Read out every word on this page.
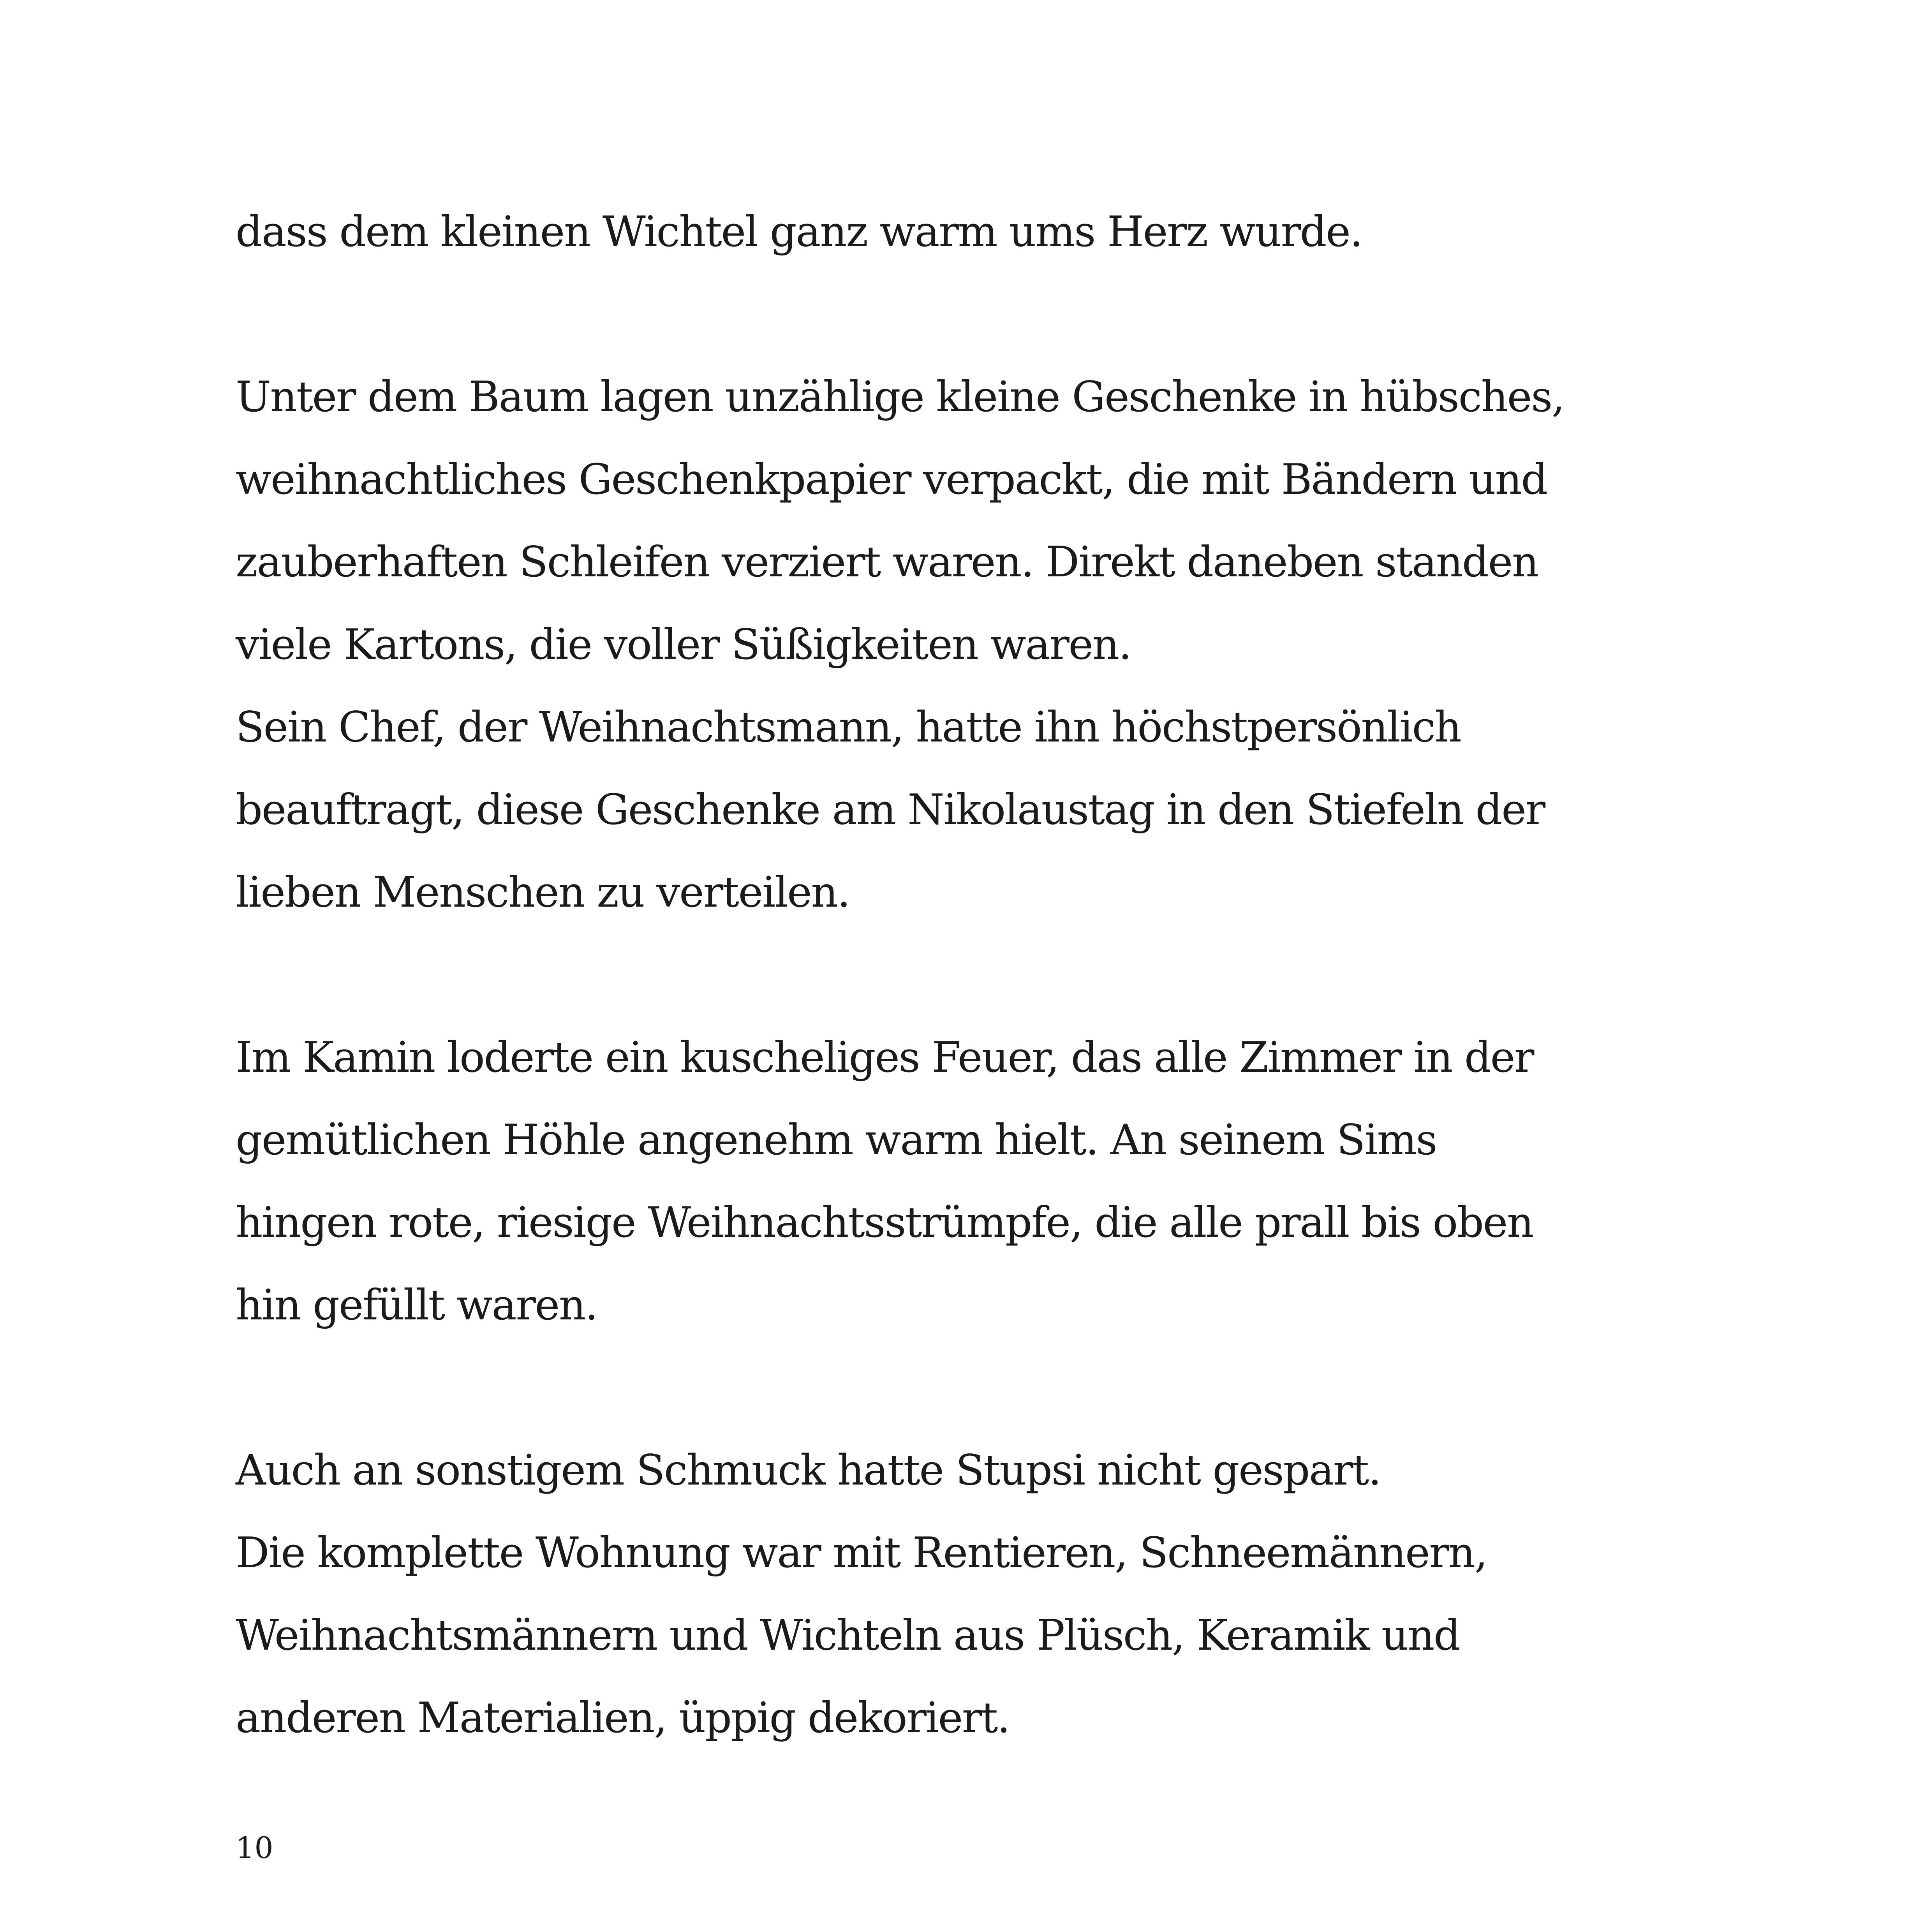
dass dem kleinen Wichtel ganz warm ums Herz wurde.
Unter dem Baum lagen unzählige kleine Geschenke in hübsches,
weihnachtliches Geschenkpapier verpackt, die mit Bändern und
zauberhaften Schleifen verziert waren. Direkt daneben standen
viele Kartons, die voller Süßigkeiten waren.
Sein Chef, der Weihnachtsmann, hatte ihn höchstpersönlich
beauftragt, diese Geschenke am Nikolaustag in den Stiefeln der
lieben Menschen zu verteilen.
Im Kamin loderte ein kuscheliges Feuer, das alle Zimmer in der
gemütlichen Höhle angenehm warm hielt. An seinem Sims
hingen rote, riesige Weihnachtsstrümpfe, die alle prall bis oben
hin gefüllt waren.
Auch an sonstigem Schmuck hatte Stupsi nicht gespart.
Die komplette Wohnung war mit Rentieren, Schneemännern,
Weihnachtsmännern und Wichteln aus Plüsch, Keramik und
anderen Materialien, üppig dekoriert.
10
